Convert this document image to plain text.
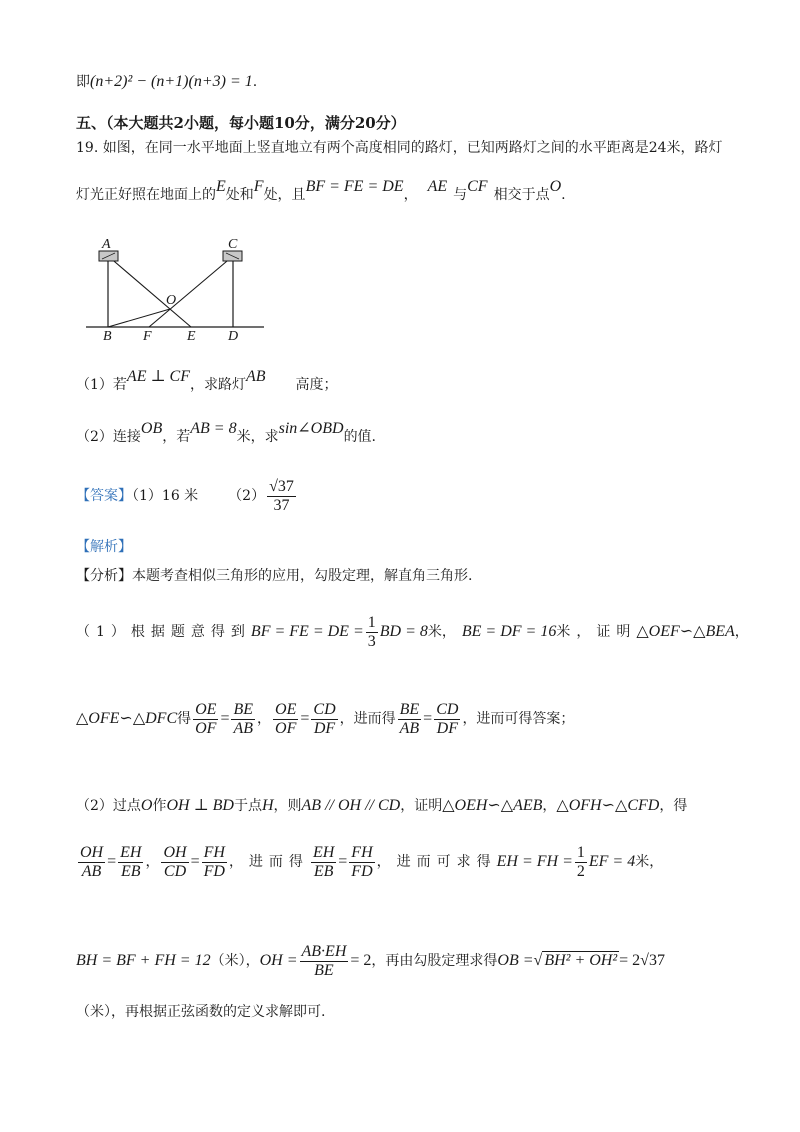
即(n+2)² − (n+1)(n+3) = 1.
五、（本大题共2小题，每小题10分，满分20分）
19. 如图，在同一水平地面上竖直地立有两个高度相同的路灯，已知两路灯之间的水平距离是24米，路灯
灯光正好照在地面上的E处和F处，且BF = FE = DE， AE 与CF 相交于点O.
A	C
O
B F	E D
（1）若AE ⊥ CF，求路灯AB 高度；
（2）连接OB，若AB = 8米，求sin∠OBD的值.
【答案】（1）16 米 $(2) \frac{√37}{37}$
【解析】
【分析】本题考查相似三角形的应用，勾股定理，解直角三角形.
（1）根据题意得到BF = FE = DE = $\frac{1}{3}$ BD = 8米， BE = DF = 16米，证明△OEF∽△BEA，
△OFE∽△DFC得 $\frac{OE}{OF} = \frac{BE}{AB}$ ， $\frac{OE}{OF} = \frac{CD}{DF}$ ，进而得 $\frac{BE}{AB} = \frac{CD}{DF}$ ，进而可得答案；
（2）过点O作OH ⊥ BD于点H，则AB // OH // CD，证明△OEH∽△AEB，△OFH∽△CFD，得
$\frac{OH}{AB} = \frac{EH}{EB}$ ， $\frac{OH}{CD} = \frac{FH}{FD}$ ，进而得 $\frac{EH}{EB} = \frac{FH}{FD}$ ，进而可求得EH = FH = $\frac{1}{2}$ EF = 4米，
BH = BF + FH = 12（米），OH = $\frac{AB\cdot EH}{BE} = 2$，再由勾股定理求得OB =√ BH² + OH² = 2√37
（米），再根据正弦函数的定义求解即可.
